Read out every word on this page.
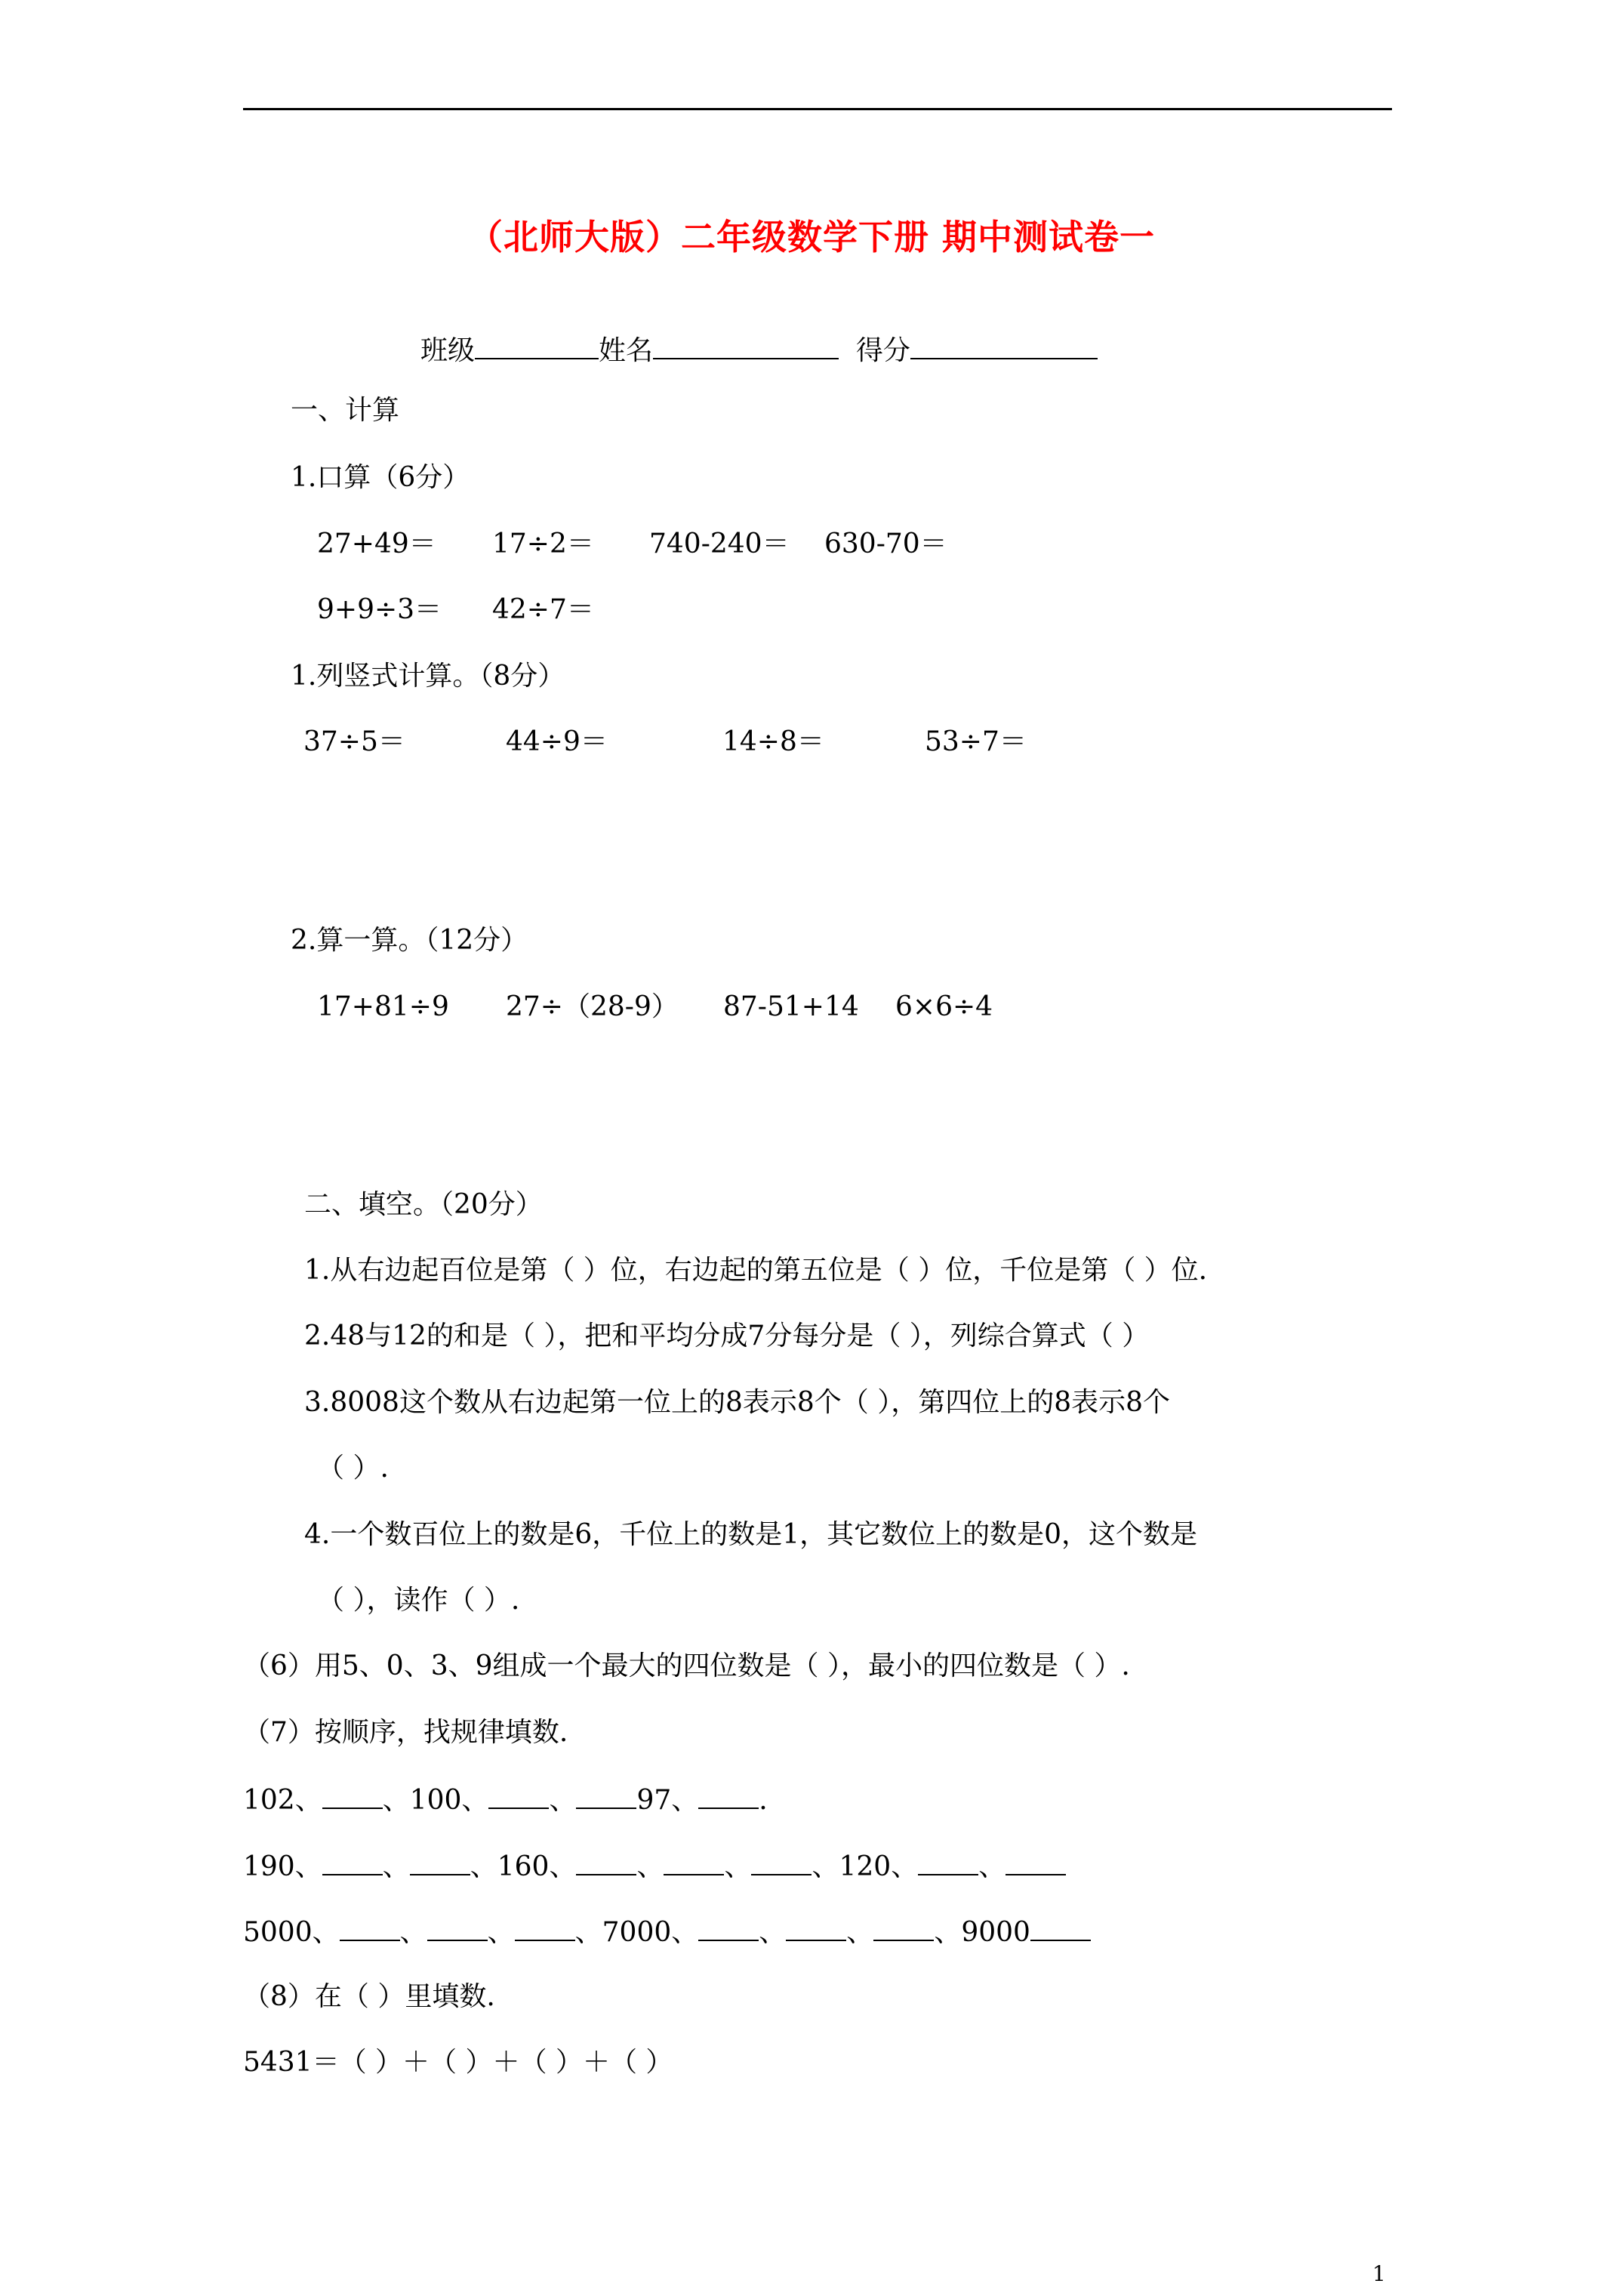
（北师大版）二年级数学下册 期中测试卷一
班级	姓名	得分
一、计算
1.口算（6分）
27+49＝ 17÷2＝ 740-240＝ 630-70＝
9+9÷3＝ 42÷7＝
1.列竖式计算。（8分）
37÷5＝	44÷9＝	14÷8＝	53÷7＝
2.算一算。（12分）
17+81÷9 27÷（28-9） 87-51+14 6×6÷4
二、填空。（20分）
1.从右边起百位是第（ ）位，右边起的第五位是（ ）位，千位是第（ ）位.
2.48与12的和是（ ），把和平均分成7分每分是（ ），列综合算式（ ）
3.8008这个数从右边起第一位上的8表示8个（ ），第四位上的8表示8个
（ ）.
4.一个数百位上的数是6，千位上的数是1，其它数位上的数是0，这个数是
（ ），读作（ ）.
（6）用5、0、3、9组成一个最大的四位数是（ ），最小的四位数是（ ）.
（7）按顺序，找规律填数.
102、 、100、 、 97、 .
190、 、 、160、 、 、 、120、 、
5000、 、 、 、7000、 、 、 、9000
（8）在（ ）里填数.
5431＝（ ）＋（ ）＋（ ）＋（ ）
1
